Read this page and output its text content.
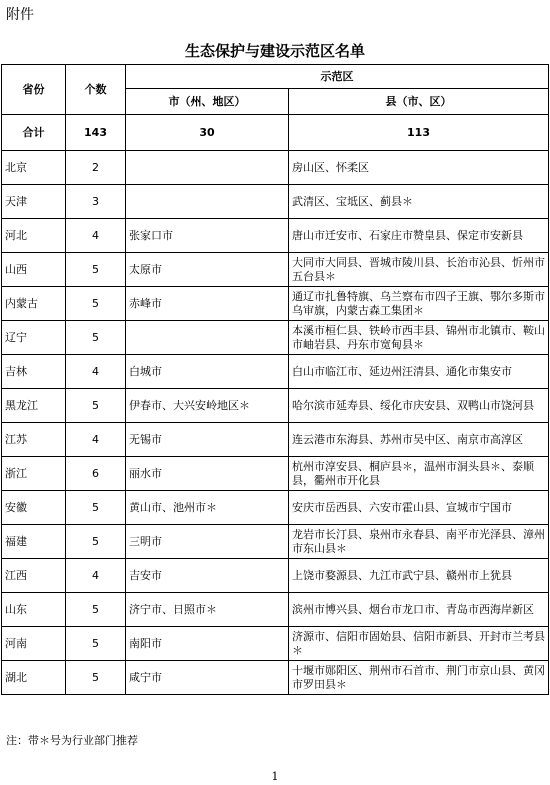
附件
生态保护与建设示范区名单
省份	个数	示范区	
		市（州、地区）	县（市、区）
合计	143	30	113
北京	2		房山区、怀柔区
天津	3		武清区、宝坻区、蓟县＊
河北	4	张家口市	唐山市迁安市、石家庄市赞皇县、保定市安新县
山西	5	太原市	大同市大同县、晋城市陵川县、长治市沁县、忻州市五台县＊
内蒙古	5	赤峰市	通辽市扎鲁特旗、乌兰察布市四子王旗、鄂尔多斯市乌审旗，内蒙古森工集团＊
辽宁	5		本溪市桓仁县、铁岭市西丰县、锦州市北镇市、鞍山市岫岩县、丹东市宽甸县＊
吉林	4	白城市	白山市临江市、延边州汪清县、通化市集安市
黑龙江	5	伊春市、大兴安岭地区＊	哈尔滨市延寿县、绥化市庆安县、双鸭山市饶河县
江苏	4	无锡市	连云港市东海县、苏州市吴中区、南京市高淳区
浙江	6	丽水市	杭州市淳安县、桐庐县＊，温州市洞头县＊、泰顺县，衢州市开化县
安徽	5	黄山市、池州市＊	安庆市岳西县、六安市霍山县、宣城市宁国市
福建	5	三明市	龙岩市长汀县、泉州市永春县、南平市光泽县、漳州市东山县＊
江西	4	吉安市	上饶市婺源县、九江市武宁县、赣州市上犹县
山东	5	济宁市、日照市＊	滨州市博兴县、烟台市龙口市、青岛市西海岸新区
河南	5	南阳市	济源市、信阳市固始县、信阳市新县、开封市兰考县＊
湖北	5	咸宁市	十堰市郧阳区、荆州市石首市、荆门市京山县、黄冈市罗田县＊
注：带＊号为行业部门推荐
1
